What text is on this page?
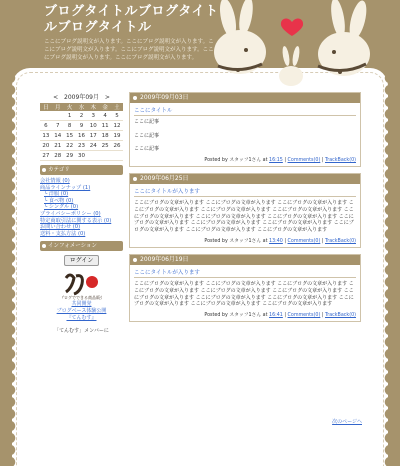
ブログタイトルブログタイトルブログタイトル
ここにブログ説明文が入ります。ここにブログ説明文が入ります。ここにブログ説明文が入ります。ここにブログ説明文が入ります。ここにブログ説明文が入ります。ここにブログ説明文が入ります。
< 2009年09月 >
日	月	火	水	木	金	土
		1	2	3	4	5
6	7	8	9	10	11	12
13	14	15	16	17	18	19
20	21	22	23	24	25	26
27	28	29	30			
カテゴリ
会社情報 (0)
商品ラインナップ (1)
└ 洋服 (0)
└ 食べ物 (0)
└ シングル (0)
プライバシーポリシー (0)
特定商取引法に関する表示 (0)
お問い合わせ (0)
送料・支払方法 (0)
インフォメーション
ログイン
ブログでできる商品販売
共同開発
ブログベース体験公開
『てんむす』
「てんむす」メンバーに
2009年09月03日
ここにタイトル
ここに記事
ここに記事
ここに記事
Posted by スタッフ1さん at 16:15 | Comments(0) | TrackBack(0)
2009年06月25日
ここにタイトルが入ります
ここにブログの文章が入ります ここにブログの文章が入ります ここにブログの文章が入ります ここにブログの文章が入ります ここにブログの文章が入ります ここにブログの文章が入ります ここにブログの文章が入ります ここにブログの文章が入ります ここにブログの文章が入ります ここにブログの文章が入ります ここにブログの文章が入ります ここにブログの文章が入ります ここにブログの文章が入ります ここにブログの文章が入ります ここにブログの文章が入ります
Posted by スタッフ1さん at 13:40 | Comments(0) | TrackBack(0)
2009年06月19日
ここにタイトルが入ります
ここにブログの文章が入ります ここにブログの文章が入ります ここにブログの文章が入ります ここにブログの文章が入ります ここにブログの文章が入ります ここにブログの文章が入ります ここにブログの文章が入ります ここにブログの文章が入ります ここにブログの文章が入ります ここにブログの文章が入ります ここにブログの文章が入ります ここにブログの文章が入ります
Posted by スタッフ1さん at 16:41 | Comments(0) | TrackBack(0)
次のページへ
